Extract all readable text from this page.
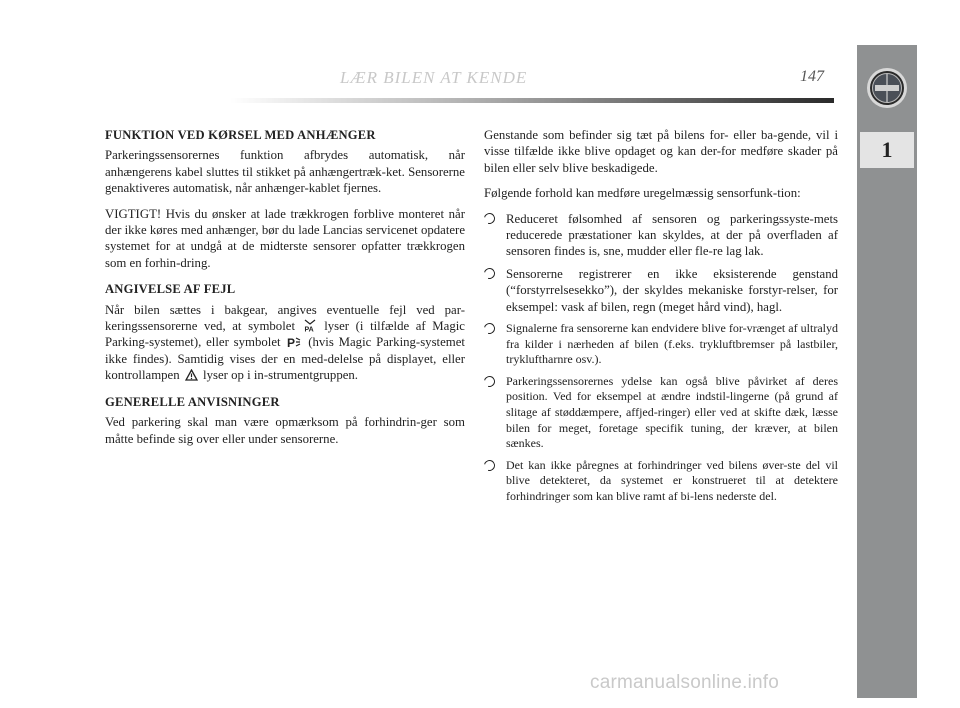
LÆR BILEN AT KENDE	147
1
FUNKTION VED KØRSEL MED ANHÆNGER

Parkeringssensorernes funktion afbrydes automatisk, når anhængerens kabel sluttes til stikket på anhængertræk-ket. Sensorerne genaktiveres automatisk, når anhænger-kablet fjernes.

VIGTIGT! Hvis du ønsker at lade trækkrogen forblive monteret når der ikke køres med anhænger, bør du lade Lancias servicenet opdatere systemet for at undgå at de midterste sensorer opfatter trækkrogen som en forhin-dring.

ANGIVELSE AF FEJL

Når bilen sættes i bakgear, angives eventuelle fejl ved par-keringssensorerne ved, at symbolet PA lyser (i tilfælde af Magic Parking-systemet), eller symbolet P (hvis Magic Parking-systemet ikke findes). Samtidig vises der en med-delelse på displayet, eller kontrollampen lyser op i in-strumentgruppen.

GENERELLE ANVISNINGER

Ved parkering skal man være opmærksom på forhindrin-ger som måtte befinde sig over eller under sensorerne.

Genstande som befinder sig tæt på bilens for- eller ba-gende, vil i visse tilfælde ikke blive opdaget og kan der-for medføre skader på bilen eller selv blive beskadigede.

Følgende forhold kan medføre uregelmæssig sensorfunk-tion:

Reduceret følsomhed af sensoren og parkeringssyste-mets reducerede præstationer kan skyldes, at der på overfladen af sensoren findes is, sne, mudder eller fle-re lag lak.
Sensorerne registrerer en ikke eksisterende genstand (“forstyrrelsesekko”), der skyldes mekaniske forstyr-relser, for eksempel: vask af bilen, regn (meget hård vind), hagl.
Signalerne fra sensorerne kan endvidere blive for-vrænget af ultralyd fra kilder i nærheden af bilen (f.eks. trykluftbremser på lastbiler, trykluftharnre osv.).
Parkeringssensorernes ydelse kan også blive påvirket af deres position. Ved for eksempel at ændre indstil-lingerne (på grund af slitage af støddæmpere, affjed-ringer) eller ved at skifte dæk, læsse bilen for meget, foretage specifik tuning, der kræver, at bilen sænkes.
Det kan ikke påregnes at forhindringer ved bilens øver-ste del vil blive detekteret, da systemet er konstrueret til at detektere forhindringer som kan blive ramt af bi-lens nederste del.
carmanualsonline.info
